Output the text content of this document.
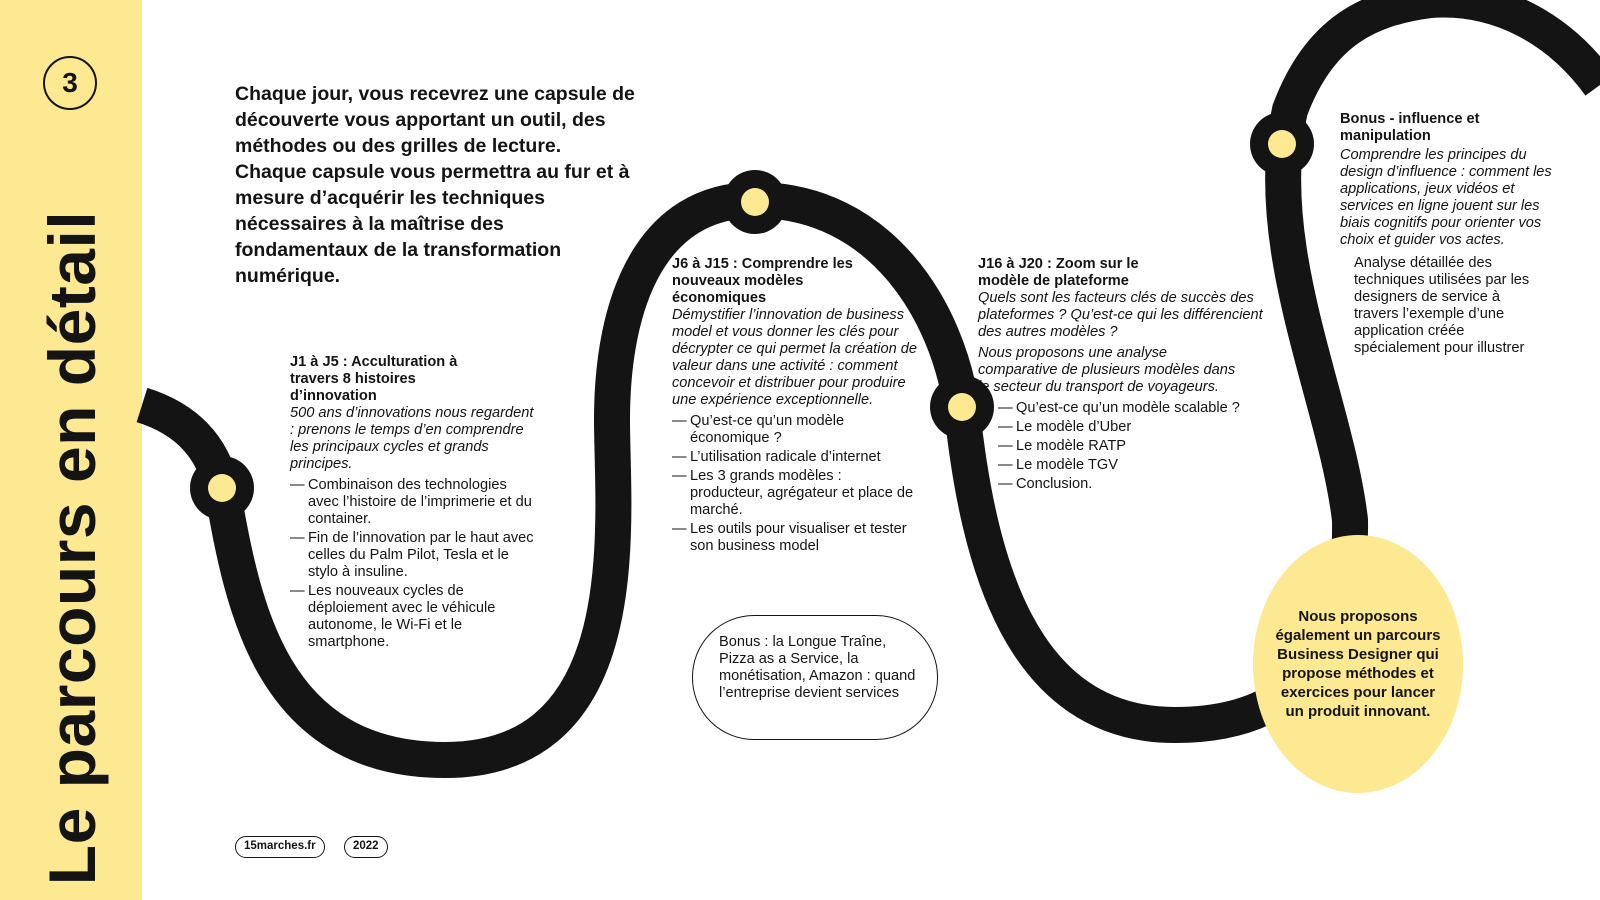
3
Le parcours en détail
Chaque jour, vous recevrez une capsule de découverte vous apportant un outil, des méthodes ou des grilles de lecture. Chaque capsule vous permettra au fur et à mesure d’acquérir les techniques nécessaires à la maîtrise des fondamentaux de la transformation numérique.
J1 à J5 : Acculturation à travers 8 histoires d’innovation
500 ans d’innovations nous regardent : prenons le temps d’en comprendre les principaux cycles et grands principes.
— Combinaison des technologies avec l’histoire de l’imprimerie et du container.
— Fin de l’innovation par le haut avec celles du Palm Pilot, Tesla et le stylo à insuline.
— Les nouveaux cycles de déploiement avec le véhicule autonome, le Wi-Fi et le smartphone.
J6 à J15 : Comprendre les nouveaux modèles économiques
Démystifier l’innovation de business model et vous donner les clés pour décrypter ce qui permet la création de valeur dans une activité : comment concevoir et distribuer pour produire une expérience exceptionnelle.
— Qu’est-ce qu’un modèle économique ?
— L’utilisation radicale d’internet
— Les 3 grands modèles : producteur, agrégateur et place de marché.
— Les outils pour visualiser et tester son business model
Bonus : la Longue Traîne, Pizza as a Service, la monétisation, Amazon : quand l’entreprise devient services
J16 à J20 : Zoom sur le modèle de plateforme
Quels sont les facteurs clés de succès des plateformes ? Qu’est-ce qui les différencient des autres modèles ?
Nous proposons une analyse comparative de plusieurs modèles dans le secteur du transport de voyageurs.
— Qu’est-ce qu’un modèle scalable ?
— Le modèle d’Uber
— Le modèle RATP
— Le modèle TGV
— Conclusion.
Bonus - influence et manipulation
Comprendre les principes du design d’influence : comment les applications, jeux vidéos et services en ligne jouent sur les biais cognitifs pour orienter vos choix et guider vos actes.
Analyse détaillée des techniques utilisées par les designers de service à travers l’exemple d’une application créée spécialement pour illustrer
Nous proposons également un parcours Business Designer qui propose méthodes et exercices pour lancer un produit innovant.
15marches.fr	2022
